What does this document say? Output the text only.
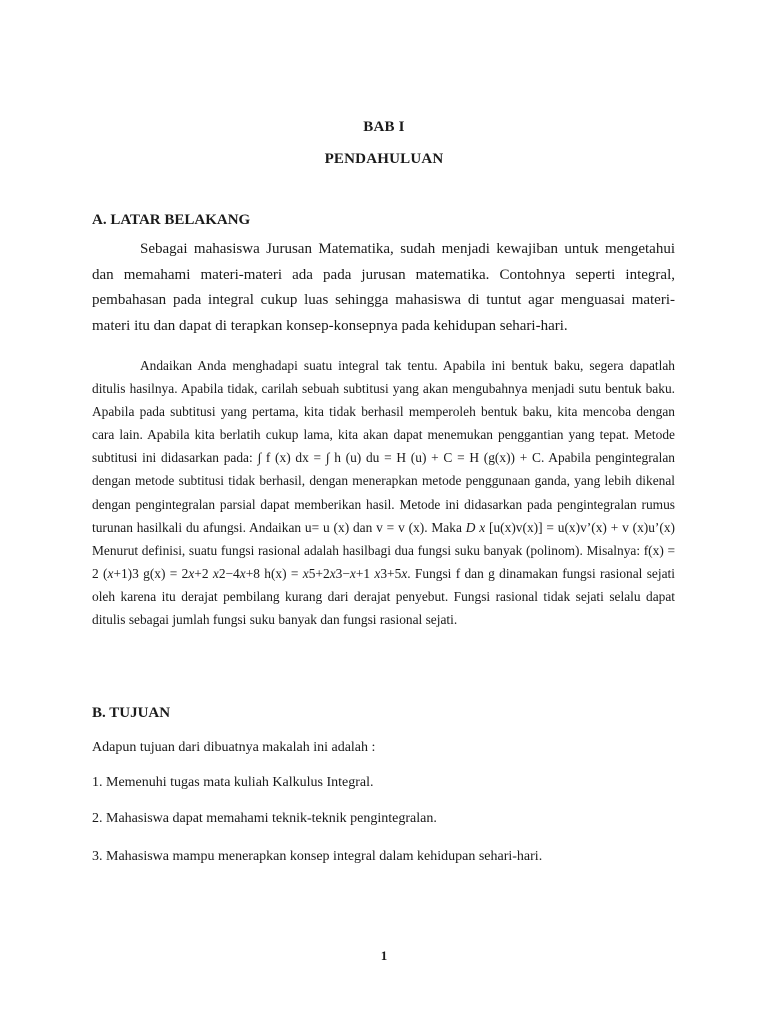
BAB I
PENDAHULUAN
A. LATAR BELAKANG

Sebagai mahasiswa Jurusan Matematika, sudah menjadi kewajiban untuk mengetahui dan memahami materi-materi ada pada jurusan matematika. Contohnya seperti integral, pembahasan pada integral cukup luas sehingga mahasiswa di tuntut agar menguasai materi-materi itu dan dapat di terapkan konsep-konsepnya pada kehidupan sehari-hari.

Andaikan Anda menghadapi suatu integral tak tentu. Apabila ini bentuk baku, segera dapatlah ditulis hasilnya. Apabila tidak, carilah sebuah subtitusi yang akan mengubahnya menjadi sutu bentuk baku. Apabila pada subtitusi yang pertama, kita tidak berhasil memperoleh bentuk baku, kita mencoba dengan cara lain. Apabila kita berlatih cukup lama, kita akan dapat menemukan penggantian yang tepat. Metode subtitusi ini didasarkan pada: ∫ f (x) dx = ∫ h (u) du = H (u) + C = H (g(x)) + C. Apabila pengintegralan dengan metode subtitusi tidak berhasil, dengan menerapkan metode penggunaan ganda, yang lebih dikenal dengan pengintegralan parsial dapat memberikan hasil. Metode ini didasarkan pada pengintegralan rumus turunan hasilkali du afungsi. Andaikan u= u (x) dan v = v (x). Maka D x [u(x)v(x)] = u(x)v’(x) + v (x)u’(x) Menurut definisi, suatu fungsi rasional adalah hasilbagi dua fungsi suku banyak (polinom). Misalnya: f(x) = 2 (x+1)3 g(x) = 2x+2 x2−4x+8 h(x) = x5+2x3−x+1 x3+5x. Fungsi f dan g dinamakan fungsi rasional sejati oleh karena itu derajat pembilang kurang dari derajat penyebut. Fungsi rasional tidak sejati selalu dapat ditulis sebagai jumlah fungsi suku banyak dan fungsi rasional sejati.

B. TUJUAN
Adapun tujuan dari dibuatnya makalah ini adalah :
1. Memenuhi tugas mata kuliah Kalkulus Integral.
2. Mahasiswa dapat memahami teknik-teknik pengintegralan.
3. Mahasiswa mampu menerapkan konsep integral dalam kehidupan sehari-hari.
1
